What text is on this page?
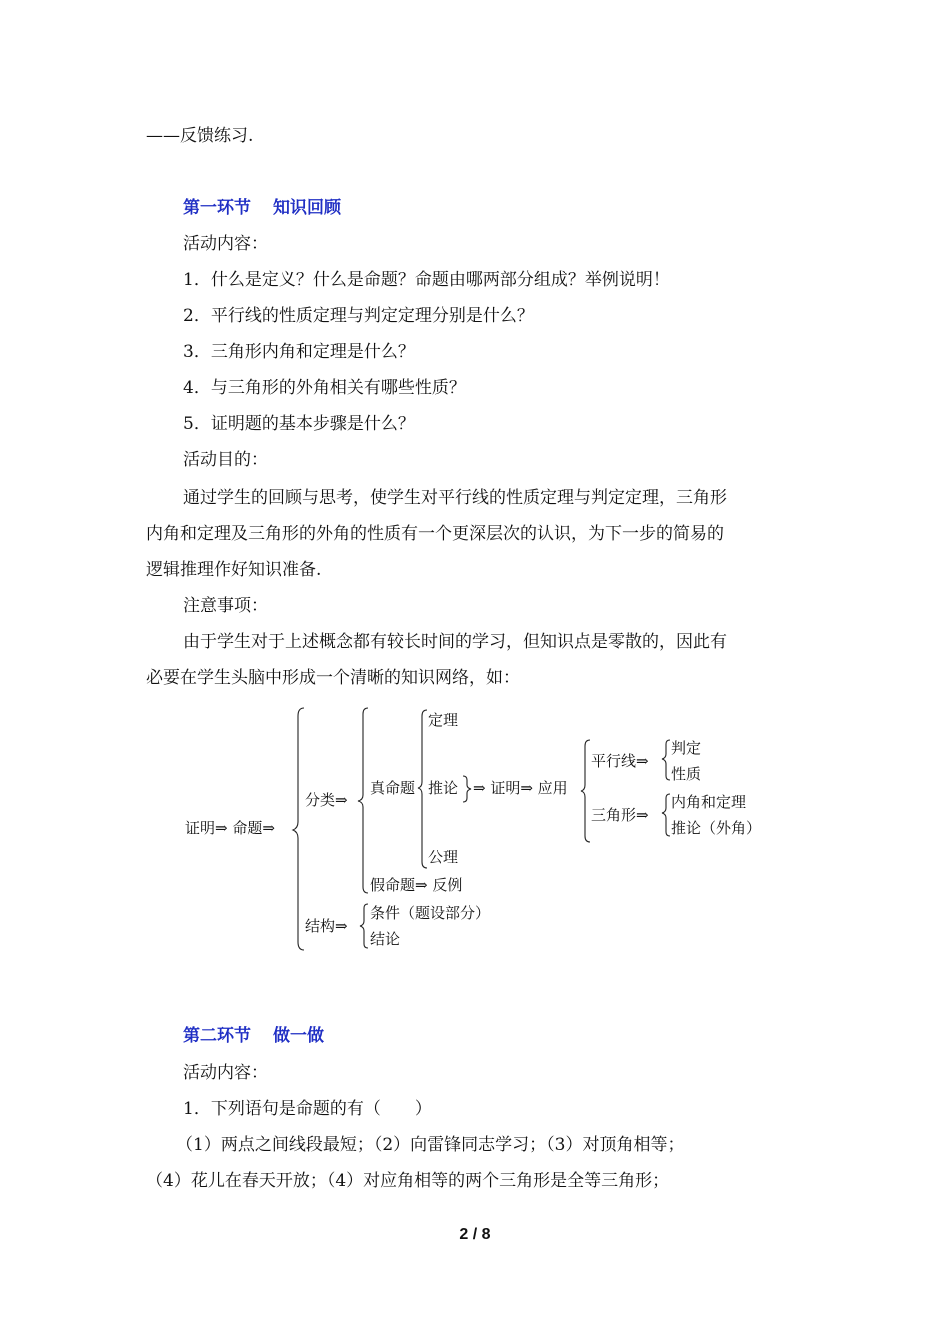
——反馈练习.
第一环节 知识回顾
活动内容：
1．什么是定义？什么是命题？命题由哪两部分组成？举例说明！
2．平行线的性质定理与判定定理分别是什么？
3．三角形内角和定理是什么？
4．与三角形的外角相关有哪些性质？
5．证明题的基本步骤是什么？
活动目的：
通过学生的回顾与思考，使学生对平行线的性质定理与判定定理，三角形
内角和定理及三角形的外角的性质有一个更深层次的认识，为下一步的简易的
逻辑推理作好知识准备.
注意事项：
由于学生对于上述概念都有较长时间的学习，但知识点是零散的，因此有
必要在学生头脑中形成一个清晰的知识网络，如：
证明⇒ 命题⇒
分类⇒
真命题
定理
推论 ⇒ 证明⇒ 应用
平行线⇒
判定
性质
三角形⇒
内角和定理
推论（外角）
公理
假命题⇒ 反例
结构⇒
条件（题设部分）
结论
第二环节 做一做
活动内容：
1．下列语句是命题的有（　　）
（1）两点之间线段最短；（2）向雷锋同志学习；（3）对顶角相等；
（4）花儿在春天开放；（4）对应角相等的两个三角形是全等三角形；
2 / 8
